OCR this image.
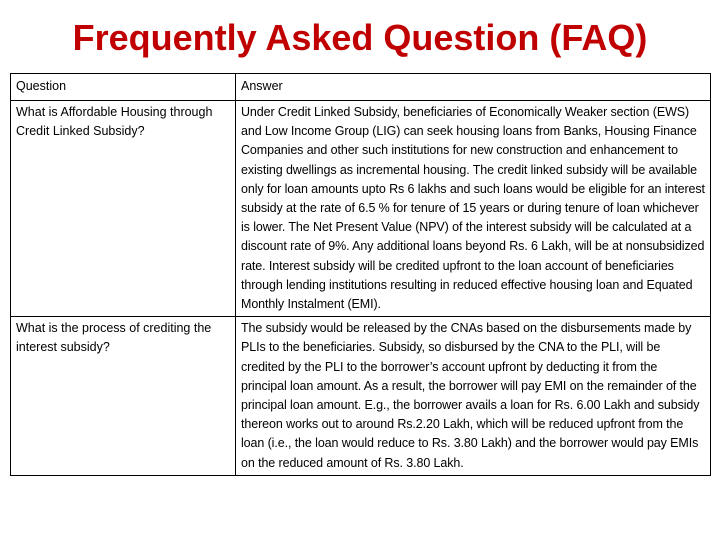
Frequently Asked Question (FAQ)
Question	Answer
What is Affordable Housing through Credit Linked Subsidy?	Under Credit Linked Subsidy, beneficiaries of Economically Weaker section (EWS) and Low Income Group (LIG) can seek housing loans from Banks, Housing Finance Companies and other such institutions for new construction and enhancement to existing dwellings as incremental housing. The credit linked subsidy will be available only for loan amounts upto Rs 6 lakhs and such loans would be eligible for an interest subsidy at the rate of 6.5 % for tenure of 15 years or during tenure of loan whichever is lower. The Net Present Value (NPV) of the interest subsidy will be calculated at a discount rate of 9%. Any additional loans beyond Rs. 6 Lakh, will be at nonsubsidized rate. Interest subsidy will be credited upfront to the loan account of beneficiaries through lending institutions resulting in reduced effective housing loan and Equated Monthly Instalment (EMI).
What is the process of crediting the interest subsidy?	The subsidy would be released by the CNAs based on the disbursements made by PLIs to the beneficiaries. Subsidy, so disbursed by the CNA to the PLI, will be credited by the PLI to the borrower’s account upfront by deducting it from the principal loan amount. As a result, the borrower will pay EMI on the remainder of the principal loan amount. E.g., the borrower avails a loan for Rs. 6.00 Lakh and subsidy thereon works out to around Rs.2.20 Lakh, which will be reduced upfront from the loan (i.e., the loan would reduce to Rs. 3.80 Lakh) and the borrower would pay EMIs on the reduced amount of Rs. 3.80 Lakh.
